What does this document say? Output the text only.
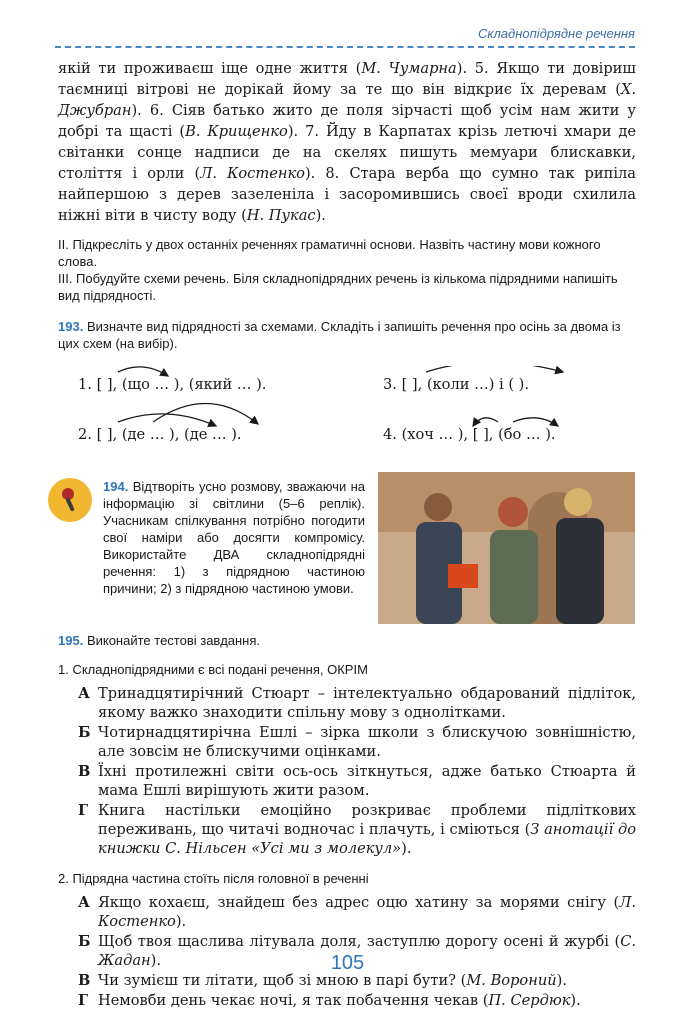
Складнопідрядне речення

якій ти проживаєш іще одне життя (М. Чумарна). 5. Якщо ти довіриш таємниці вітрові не дорікай йому за те що він відкриє їх деревам (Х. Джубран). 6. Сіяв батько жито де поля зірчасті щоб усім нам жити у добрі та щасті (В. Крищенко). 7. Йду в Карпатах крізь летючі хмари де світанки сонце надписи де на скелях пишуть мемуари блискавки, століття і орли (Л. Костенко). 8. Стара верба що сумно так рипіла найпершою з дерев зазеленіла і засоромившись своєї вроди схилила ніжні віти в чисту воду (Н. Пукас).

II. Підкресліть у двох останніх реченнях граматичні основи. Назвіть частину мови кожного слова.

III. Побудуйте схеми речень. Біля складнопідрядних речень із кількома підрядними напишіть вид підрядності.

193. Визначте вид підрядності за схемами. Складіть і запишіть речення про осінь за двома із цих схем (на вибір).

1. [ ], (що … ), (який … ).
2. [ ], (де … ), (де … ).
3. [ ], (коли …) і ( ).
4. (хоч … ), [ ], (бо … ).

194. Відтворіть усно розмову, зважаючи на інформацію зі світлини (5–6 реплік). Учасникам спілкування потрібно погодити свої наміри або досягти компромісу. Використайте ДВА складнопідрядні речення: 1) з підрядною частиною причини; 2) з підрядною частиною умови.

195. Виконайте тестові завдання.

1. Складнопідрядними є всі подані речення, ОКРІМ

А Тринадцятирічний Стюарт – інтелектуально обдарований підліток, якому важко знаходити спільну мову з однолітками.
Б Чотирнадцятирічна Ешлі – зірка школи з блискучою зовнішністю, але зовсім не блискучими оцінками.
В Їхні протилежні світи ось-ось зіткнуться, адже батько Стюарта й мама Ешлі вирішують жити разом.
Г Книга настільки емоційно розкриває проблеми підліткових переживань, що читачі водночас і плачуть, і сміються (З анотації до книжки С. Нільсен «Усі ми з молекул»).

2. Підрядна частина стоїть після головної в реченні

А Якщо кохаєш, знайдеш без адрес оцю хатину за морями снігу (Л. Костенко).
Б Щоб твоя щаслива літувала доля, заступлю дорогу осені й журбі (С. Жадан).
В Чи зумієш ти літати, щоб зі мною в парі бути? (М. Вороний).
Г Немовби день чекає ночі, я так побачення чекав (П. Сердюк).
105
